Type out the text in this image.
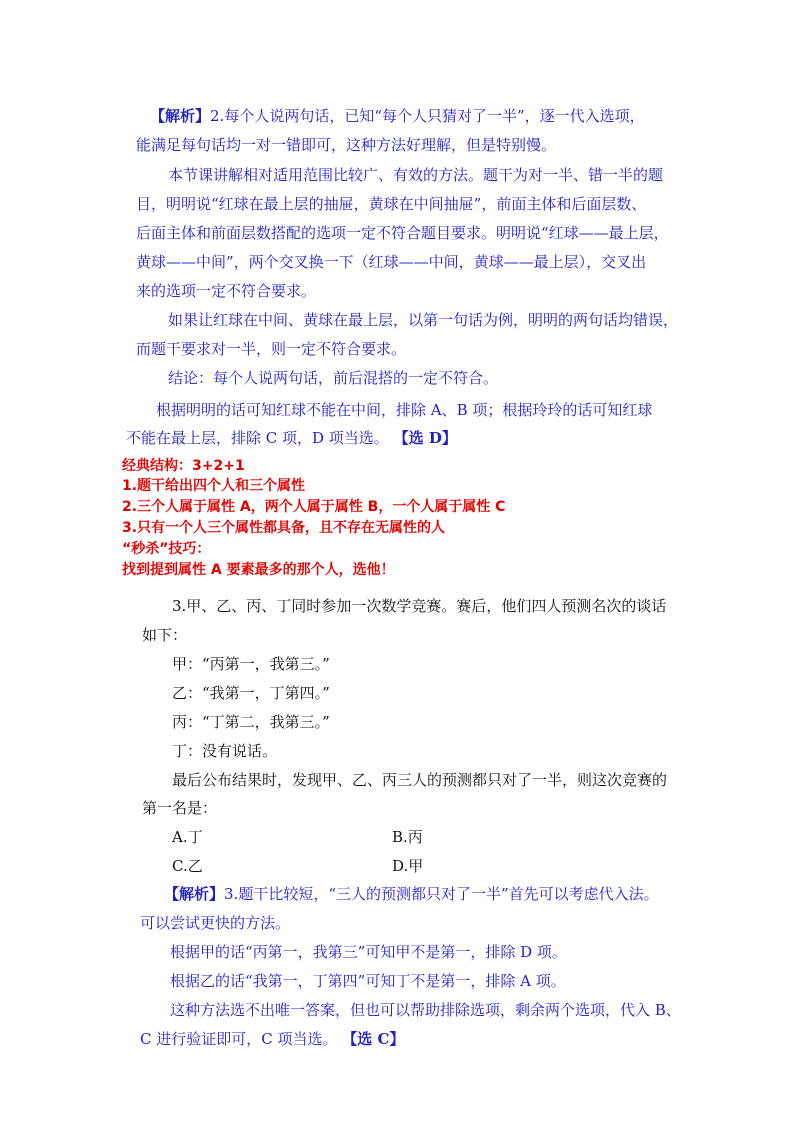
【解析】2.每个人说两句话，已知“每个人只猜对了一半”，逐一代入选项，
能满足每句话均一对一错即可，这种方法好理解，但是特别慢。
本节课讲解相对适用范围比较广、有效的方法。题干为对一半、错一半的题
目，明明说“红球在最上层的抽屉，黄球在中间抽屉”，前面主体和后面层数、
后面主体和前面层数搭配的选项一定不符合题目要求。明明说“红球——最上层，
黄球——中间”，两个交叉换一下（红球——中间，黄球——最上层），交叉出
来的选项一定不符合要求。
如果让红球在中间、黄球在最上层，以第一句话为例，明明的两句话均错误，
而题干要求对一半，则一定不符合要求。
结论：每个人说两句话，前后混搭的一定不符合。
根据明明的话可知红球不能在中间，排除 A、B 项；根据玲玲的话可知红球
不能在最上层，排除 C 项，D 项当选。 【选 D】
经典结构：3+2+1
1.题干给出四个人和三个属性
2.三个人属于属性 A，两个人属于属性 B，一个人属于属性 C
3.只有一个人三个属性都具备，且不存在无属性的人
“秒杀”技巧：
找到提到属性 A 要素最多的那个人，选他！
3.甲、乙、丙、丁同时参加一次数学竞赛。赛后，他们四人预测名次的谈话
如下：
甲：“丙第一，我第三。”
乙：“我第一，丁第四。”
丙：“丁第二，我第三。”
丁：没有说话。
最后公布结果时，发现甲、乙、丙三人的预测都只对了一半，则这次竞赛的
第一名是：
A.丁	B.丙
C.乙	D.甲
【解析】3.题干比较短，“三人的预测都只对了一半”首先可以考虑代入法。
可以尝试更快的方法。
根据甲的话“丙第一，我第三”可知甲不是第一，排除 D 项。
根据乙的话“我第一，丁第四”可知丁不是第一，排除 A 项。
这种方法选不出唯一答案，但也可以帮助排除选项，剩余两个选项，代入 B、
C 进行验证即可，C 项当选。 【选 C】
